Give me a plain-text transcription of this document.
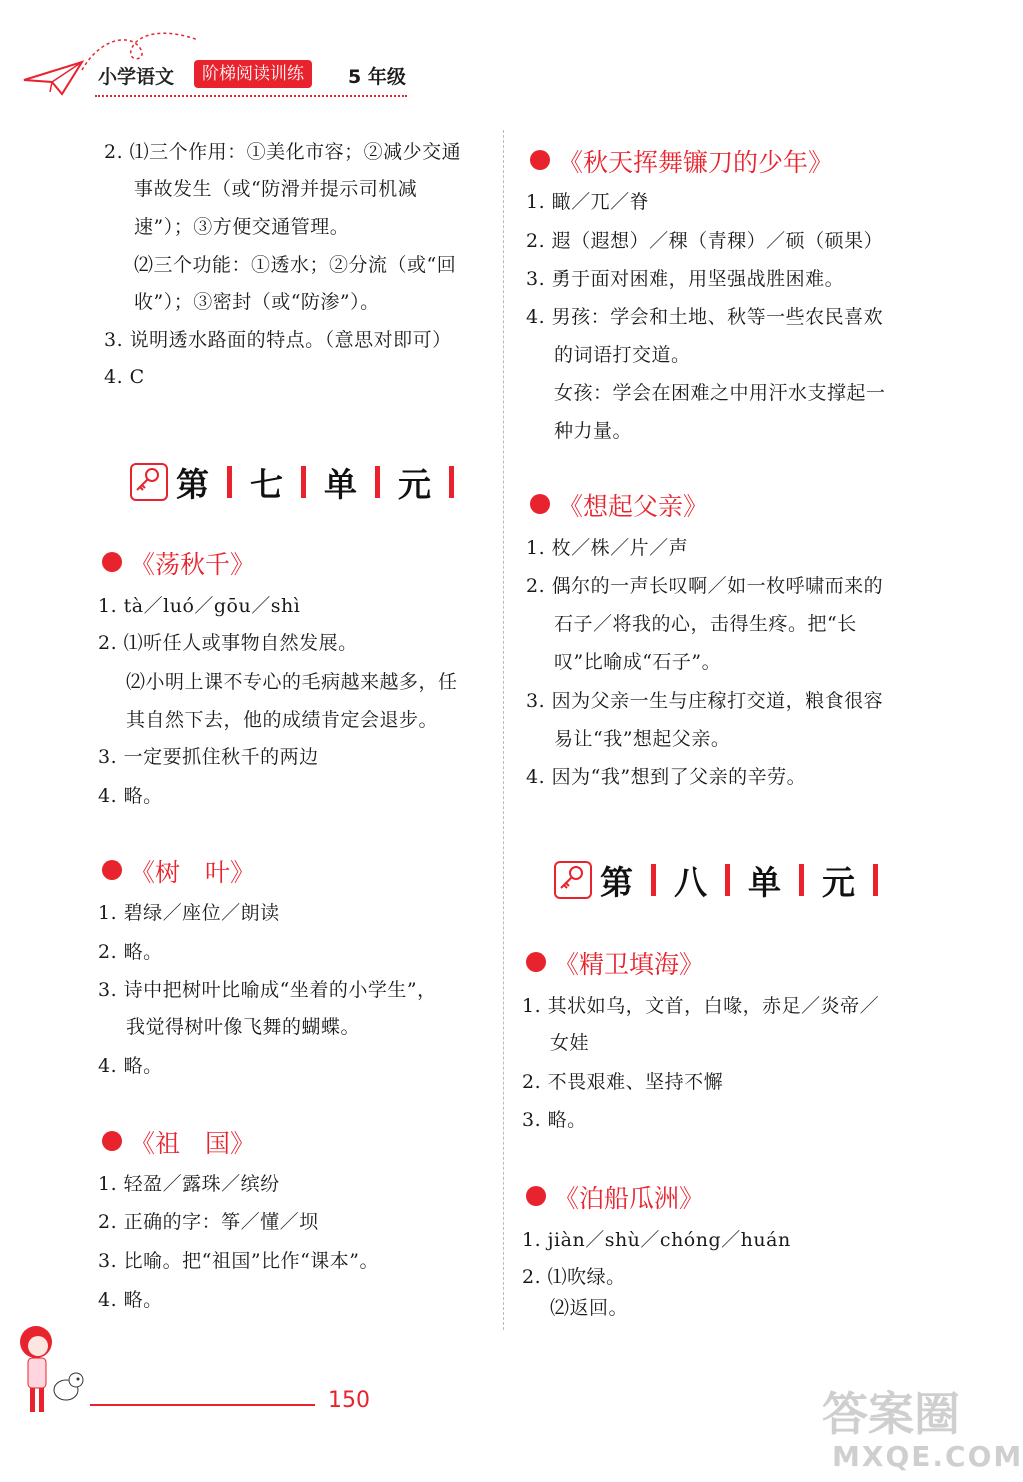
小学语文	阶梯阅读训练	5 年级
2. ⑴三个作用：①美化市容；②减少交通
事故发生（或“防滑并提示司机减
速”）；③方便交通管理。
⑵三个功能：①透水；②分流（或“回
收”）；③密封（或“防渗”）。
3. 说明透水路面的特点。（意思对即可）
4. C
第 七 单 元
《荡秋千》
1. tà／luó／gōu／shì
2. ⑴听任人或事物自然发展。
⑵小明上课不专心的毛病越来越多，任
其自然下去，他的成绩肯定会退步。
3. 一定要抓住秋千的两边
4. 略。
《树　叶》
1. 碧绿／座位／朗读
2. 略。
3. 诗中把树叶比喻成“坐着的小学生”，
我觉得树叶像飞舞的蝴蝶。
4. 略。
《祖　国》
1. 轻盈／露珠／缤纷
2. 正确的字：筝／懂／坝
3. 比喻。把“祖国”比作“课本”。
4. 略。
《秋天挥舞镰刀的少年》
1. 瞰／兀／脊
2. 遐（遐想）／稞（青稞）／硕（硕果）
3. 勇于面对困难，用坚强战胜困难。
4. 男孩：学会和土地、秋等一些农民喜欢
的词语打交道。
女孩：学会在困难之中用汗水支撑起一
种力量。
《想起父亲》
1. 枚／株／片／声
2. 偶尔的一声长叹啊／如一枚呼啸而来的
石子／将我的心，击得生疼。把“长
叹”比喻成“石子”。
3. 因为父亲一生与庄稼打交道，粮食很容
易让“我”想起父亲。
4. 因为“我”想到了父亲的辛劳。
第 八 单 元
《精卫填海》
1. 其状如乌，文首，白喙，赤足／炎帝／
女娃
2. 不畏艰难、坚持不懈
3. 略。
《泊船瓜洲》
1. jiàn／shù／chóng／huán
2. ⑴吹绿。
⑵返回。
150	答案圈
MXQE.COM
